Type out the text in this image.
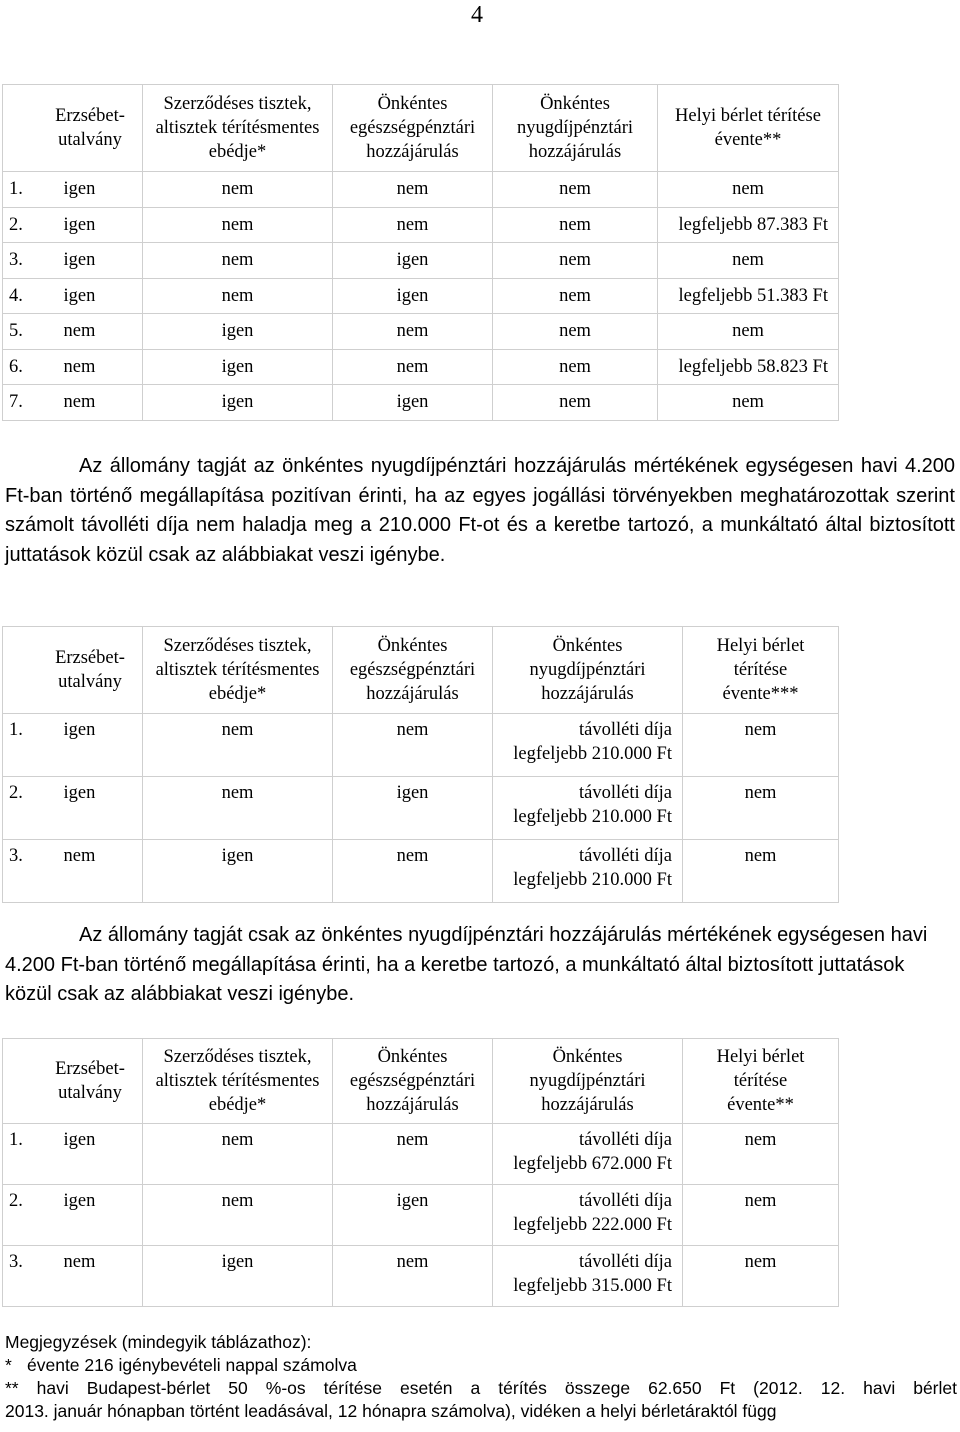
4
Erzsébet-utalvány	Szerződéses tisztek, altisztek térítésmentes ebédje*	Önkéntes egészségpénztári hozzájárulás	Önkéntes nyugdíjpénztári hozzájárulás	Helyi bérlet térítése évente**
1. igen	nem	nem	nem	nem
2. igen	nem	nem	nem	legfeljebb 87.383 Ft
3. igen	nem	igen	nem	nem
4. igen	nem	igen	nem	legfeljebb 51.383 Ft
5. nem	igen	nem	nem	nem
6. nem	igen	nem	nem	legfeljebb 58.823 Ft
7. nem	igen	igen	nem	nem
Az állomány tagját az önkéntes nyugdíjpénztári hozzájárulás mértékének egységesen havi 4.200 Ft-ban történő megállapítása pozitívan érinti, ha az egyes jogállási törvényekben meghatározottak szerint számolt távolléti díja nem haladja meg a 210.000 Ft-ot és a keretbe tartozó, a munkáltató által biztosított juttatások közül csak az alábbiakat veszi igénybe.
Erzsébet-utalvány	Szerződéses tisztek, altisztek térítésmentes ebédje*	Önkéntes egészségpénztári hozzájárulás	Önkéntes nyugdíjpénztári hozzájárulás	Helyi bérlet térítése évente***

1. igen	nem	nem	távolléti díja
legfeljebb 210.000 Ft	nem
2. igen	nem	igen	távolléti díja
legfeljebb 210.000 Ft	nem
3. nem	igen	nem	távolléti díja
legfeljebb 210.000 Ft	nem
Az állomány tagját csak az önkéntes nyugdíjpénztári hozzájárulás mértékének egységesen havi 4.200 Ft-ban történő megállapítása érinti, ha a keretbe tartozó, a munkáltató által biztosított juttatások közül csak az alábbiakat veszi igénybe.
Erzsébet-utalvány	Szerződéses tisztek, altisztek térítésmentes ebédje*	Önkéntes egészségpénztári hozzájárulás	Önkéntes nyugdíjpénztári hozzájárulás	Helyi bérlet térítése évente**

1. igen	nem	nem	távolléti díja
legfeljebb 672.000 Ft	nem
2. igen	nem	igen	távolléti díja
legfeljebb 222.000 Ft	nem
3. nem	igen	nem	távolléti díja
legfeljebb 315.000 Ft	nem
Megjegyzések (mindegyik táblázathoz):
* évente 216 igénybevételi nappal számolva
** havi Budapest-bérlet 50 %-os térítése esetén a térítés összege 62.650 Ft (2012. 12. havi bérlet
2013. január hónapban történt leadásával, 12 hónapra számolva), vidéken a helyi bérletáraktól függ
